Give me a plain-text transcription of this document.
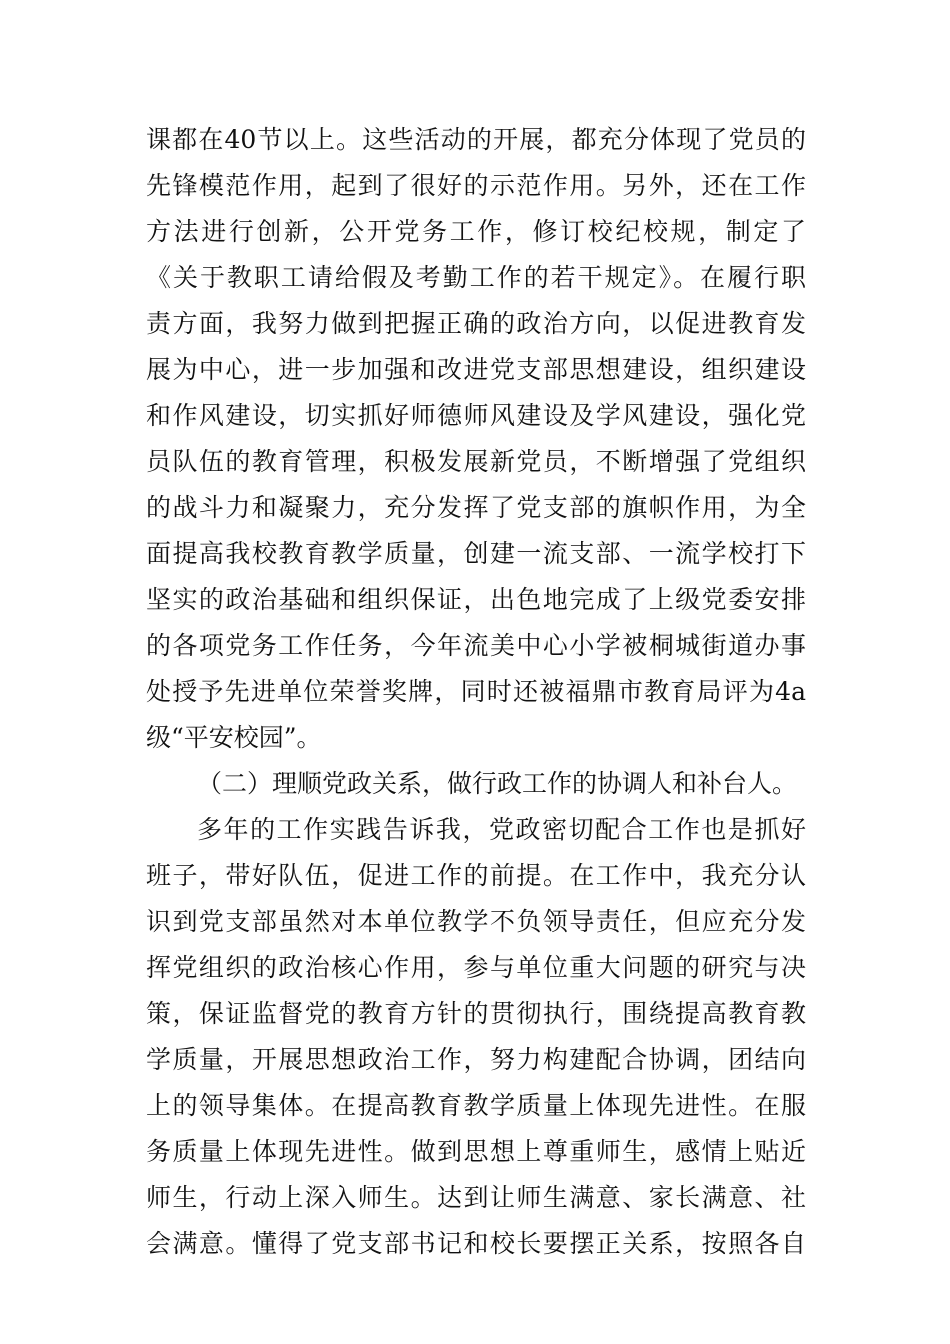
课都在40节以上。这些活动的开展，都充分体现了党员的
先锋模范作用，起到了很好的示范作用。另外，还在工作
方法进行创新，公开党务工作，修订校纪校规，制定了
《关于教职工请给假及考勤工作的若干规定》。在履行职
责方面，我努力做到把握正确的政治方向，以促进教育发
展为中心，进一步加强和改进党支部思想建设，组织建设
和作风建设，切实抓好师德师风建设及学风建设，强化党
员队伍的教育管理，积极发展新党员，不断增强了党组织
的战斗力和凝聚力，充分发挥了党支部的旗帜作用，为全
面提高我校教育教学质量，创建一流支部、一流学校打下
坚实的政治基础和组织保证，出色地完成了上级党委安排
的各项党务工作任务，今年流美中心小学被桐城街道办事
处授予先进单位荣誉奖牌，同时还被福鼎市教育局评为4a
级“平安校园”。
（二）理顺党政关系，做行政工作的协调人和补台人。
多年的工作实践告诉我，党政密切配合工作也是抓好
班子，带好队伍，促进工作的前提。在工作中，我充分认
识到党支部虽然对本单位教学不负领导责任，但应充分发
挥党组织的政治核心作用，参与单位重大问题的研究与决
策，保证监督党的教育方针的贯彻执行，围绕提高教育教
学质量，开展思想政治工作，努力构建配合协调，团结向
上的领导集体。在提高教育教学质量上体现先进性。在服
务质量上体现先进性。做到思想上尊重师生，感情上贴近
师生，行动上深入师生。达到让师生满意、家长满意、社
会满意。懂得了党支部书记和校长要摆正关系，按照各自
